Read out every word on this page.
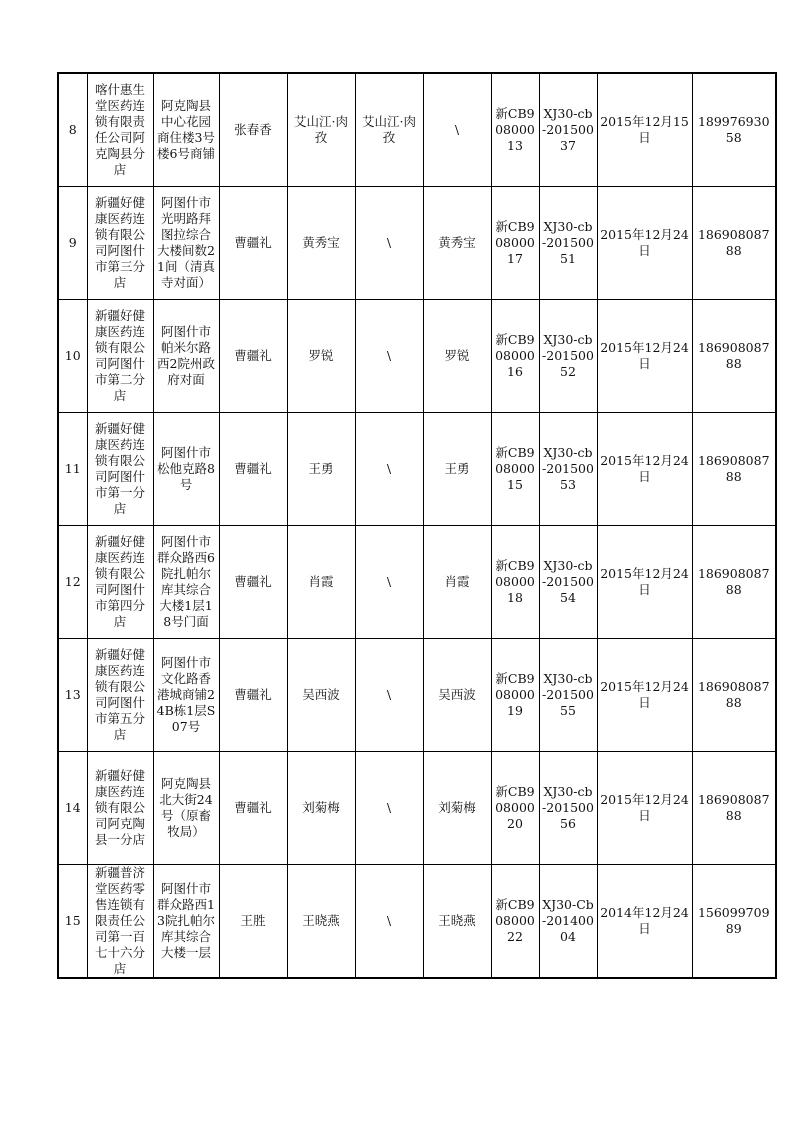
8	喀什惠生堂医药连锁有限责任公司阿克陶县分店	阿克陶县中心花园商住楼3号楼6号商铺	张春香	艾山江·肉孜	艾山江·肉孜	\	新CB90800013	XJ30-cb-20150037	2015年12月15日	18997693058
9	新疆好健康医药连锁有限公司阿图什市第三分店	阿图什市光明路拜图拉综合大楼间数21间（清真寺对面）	曹疆礼	黄秀宝	\	黄秀宝	新CB90800017	XJ30-cb-20150051	2015年12月24日	18690808788
10	新疆好健康医药连锁有限公司阿图什市第二分店	阿图什市帕米尔路西2院州政府对面	曹疆礼	罗锐	\	罗锐	新CB90800016	XJ30-cb-20150052	2015年12月24日	18690808788
11	新疆好健康医药连锁有限公司阿图什市第一分店	阿图什市松他克路8号	曹疆礼	王勇	\	王勇	新CB90800015	XJ30-cb-20150053	2015年12月24日	18690808788
12	新疆好健康医药连锁有限公司阿图什市第四分店	阿图什市群众路西6院扎帕尔库其综合大楼1层18号门面	曹疆礼	肖霞	\	肖霞	新CB90800018	XJ30-cb-20150054	2015年12月24日	18690808788
13	新疆好健康医药连锁有限公司阿图什市第五分店	阿图什市文化路香港城商铺24B栋1层S07号	曹疆礼	吴西波	\	吴西波	新CB90800019	XJ30-cb-20150055	2015年12月24日	18690808788
14	新疆好健康医药连锁有限公司阿克陶县一分店	阿克陶县北大街24号（原畜牧局）	曹疆礼	刘菊梅	\	刘菊梅	新CB90800020	XJ30-cb-20150056	2015年12月24日	18690808788
15	新疆普济堂医药零售连锁有限责任公司第一百七十六分店	阿图什市群众路西13院扎帕尔库其综合大楼一层	王胜	王晓燕	\	王晓燕	新CB90800022	XJ30-Cb-20140004	2014年12月24日	15609970989
